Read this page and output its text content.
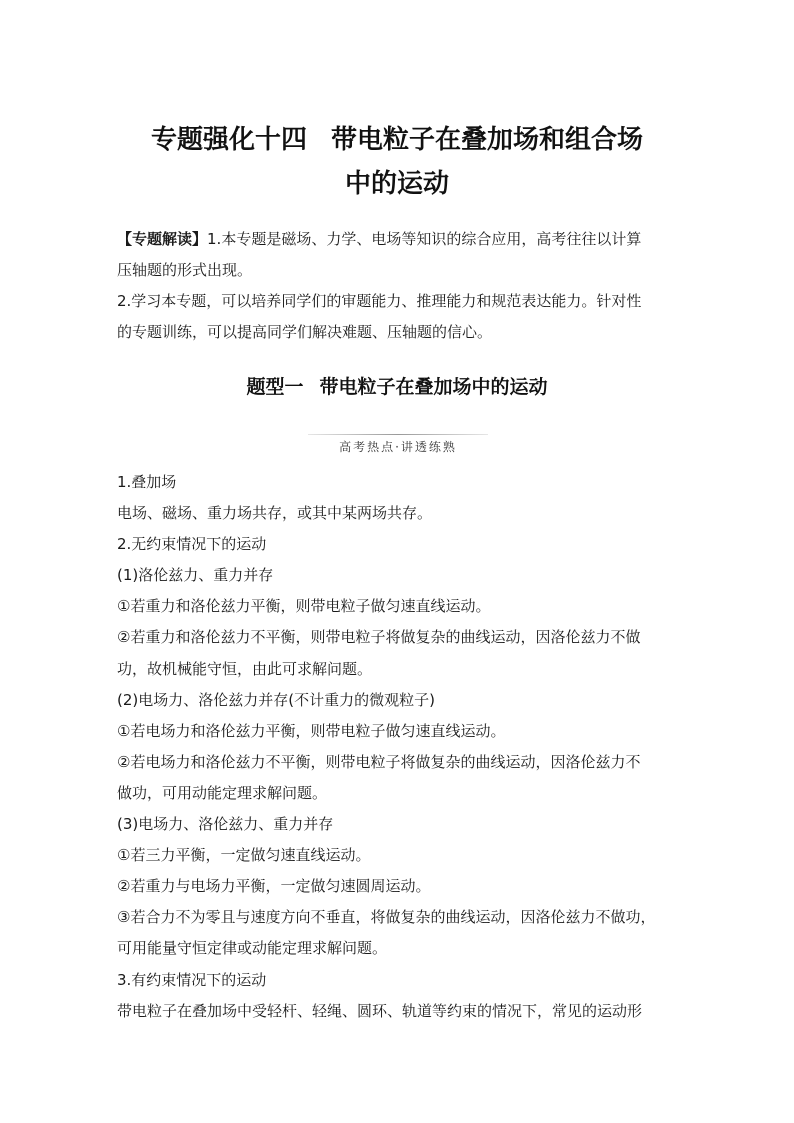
专题强化十四 带电粒子在叠加场和组合场
中的运动

【专题解读】1.本专题是磁场、力学、电场等知识的综合应用，高考往往以计算

压轴题的形式出现。

2.学习本专题，可以培养同学们的审题能力、推理能力和规范表达能力。针对性

的专题训练，可以提高同学们解决难题、压轴题的信心。

题型一 带电粒子在叠加场中的运动
高考热点·讲透练熟
1.叠加场
电场、磁场、重力场共存，或其中某两场共存。
2.无约束情况下的运动
(1)洛伦兹力、重力并存
①若重力和洛伦兹力平衡，则带电粒子做匀速直线运动。
②若重力和洛伦兹力不平衡，则带电粒子将做复杂的曲线运动，因洛伦兹力不做
功，故机械能守恒，由此可求解问题。
(2)电场力、洛伦兹力并存(不计重力的微观粒子)
①若电场力和洛伦兹力平衡，则带电粒子做匀速直线运动。
②若电场力和洛伦兹力不平衡，则带电粒子将做复杂的曲线运动，因洛伦兹力不
做功，可用动能定理求解问题。
(3)电场力、洛伦兹力、重力并存
①若三力平衡，一定做匀速直线运动。
②若重力与电场力平衡，一定做匀速圆周运动。
③若合力不为零且与速度方向不垂直，将做复杂的曲线运动，因洛伦兹力不做功，
可用能量守恒定律或动能定理求解问题。
3.有约束情况下的运动
带电粒子在叠加场中受轻杆、轻绳、圆环、轨道等约束的情况下，常见的运动形
